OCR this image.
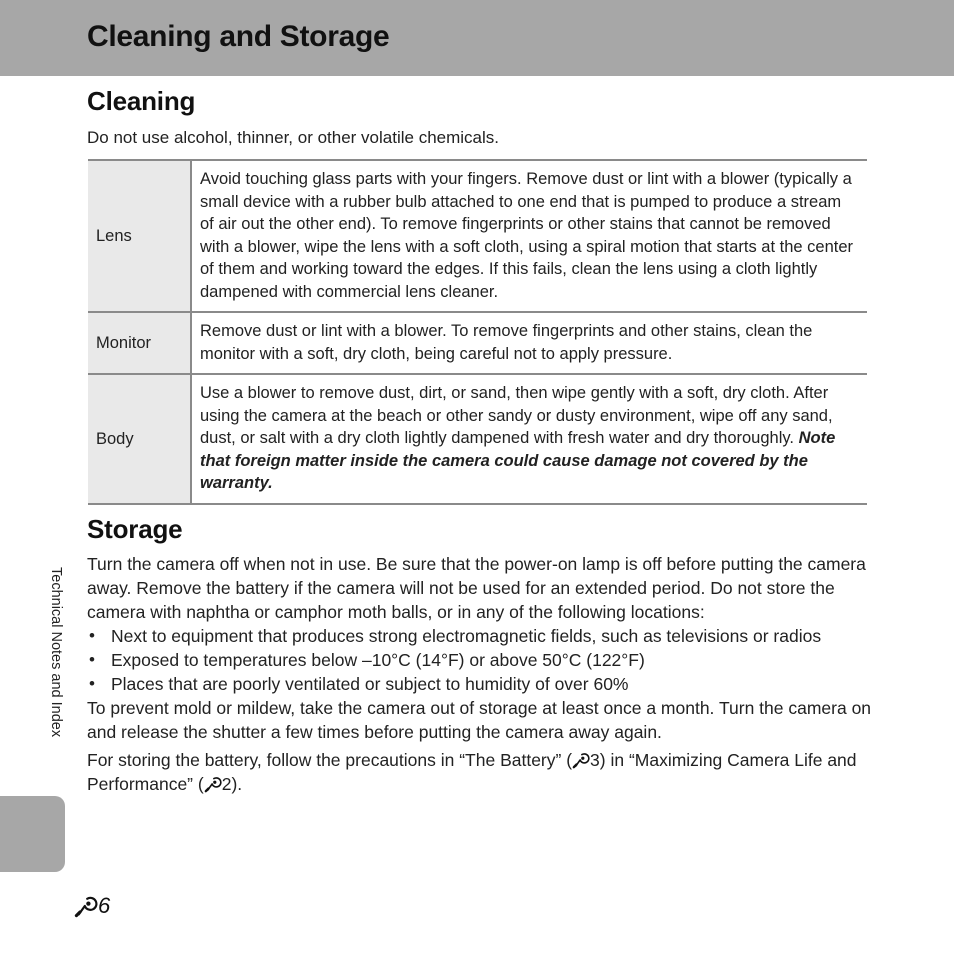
Cleaning and Storage
Cleaning

Do not use alcohol, thinner, or other volatile chemicals.

Lens	Avoid touching glass parts with your fingers. Remove dust or lint with a blower (typically a small device with a rubber bulb attached to one end that is pumped to produce a stream of air out the other end). To remove fingerprints or other stains that cannot be removed with a blower, wipe the lens with a soft cloth, using a spiral motion that starts at the center of them and working toward the edges. If this fails, clean the lens using a cloth lightly dampened with commercial lens cleaner.
Monitor	Remove dust or lint with a blower. To remove fingerprints and other stains, clean the monitor with a soft, dry cloth, being careful not to apply pressure.
Body	Use a blower to remove dust, dirt, or sand, then wipe gently with a soft, dry cloth. After using the camera at the beach or other sandy or dusty environment, wipe off any sand, dust, or salt with a dry cloth lightly dampened with fresh water and dry thoroughly. Note that foreign matter inside the camera could cause damage not covered by the warranty.
Storage

Turn the camera off when not in use. Be sure that the power-on lamp is off before putting the camera away. Remove the battery if the camera will not be used for an extended period. Do not store the camera with naphtha or camphor moth balls, or in any of the following locations:

• Next to equipment that produces strong electromagnetic fields, such as televisions or radios
• Exposed to temperatures below –10°C (14°F) or above 50°C (122°F)
• Places that are poorly ventilated or subject to humidity of over 60%

To prevent mold or mildew, take the camera out of storage at least once a month. Turn the camera on and release the shutter a few times before putting the camera away again.

For storing the battery, follow the precautions in “The Battery” ( 3) in “Maximizing Camera Life and Performance” ( 2).

Technical Notes and Index
6
